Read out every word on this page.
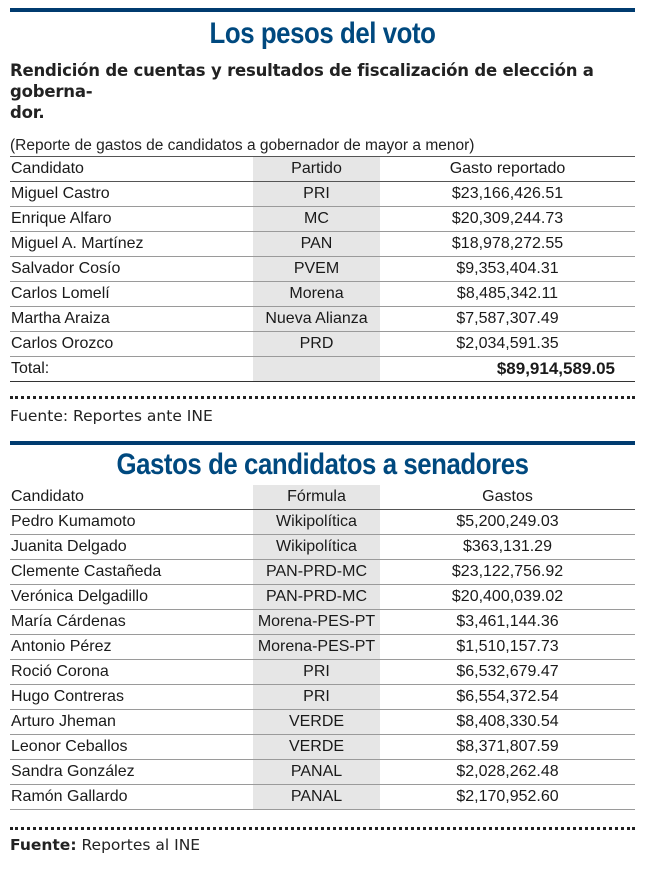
Los pesos del voto
Rendición de cuentas y resultados de fiscalización de elección a goberna-
dor.
(Reporte de gastos de candidatos a gobernador de mayor a menor)
Candidato	Partido	Gasto reportado
Miguel Castro	PRI	$23,166,426.51
Enrique Alfaro	MC	$20,309,244.73
Miguel A. Martínez	PAN	$18,978,272.55
Salvador Cosío	PVEM	$9,353,404.31
Carlos Lomelí	Morena	$8,485,342.11
Martha Araiza	Nueva Alianza	$7,587,307.49
Carlos Orozco	PRD	$2,034,591.35
Total:		$89,914,589.05
Fuente: Reportes ante INE
Gastos de candidatos a senadores
Candidato	Fórmula	Gastos
Pedro Kumamoto	Wikipolítica	$5,200,249.03
Juanita Delgado	Wikipolítica	$363,131.29
Clemente Castañeda	PAN-PRD-MC	$23,122,756.92
Verónica Delgadillo	PAN-PRD-MC	$20,400,039.02
María Cárdenas	Morena-PES-PT	$3,461,144.36
Antonio Pérez	Morena-PES-PT	$1,510,157.73
Roció Corona	PRI	$6,532,679.47
Hugo Contreras	PRI	$6,554,372.54
Arturo Jheman	VERDE	$8,408,330.54
Leonor Ceballos	VERDE	$8,371,807.59
Sandra González	PANAL	$2,028,262.48
Ramón Gallardo	PANAL	$2,170,952.60
Fuente: Reportes al INE
